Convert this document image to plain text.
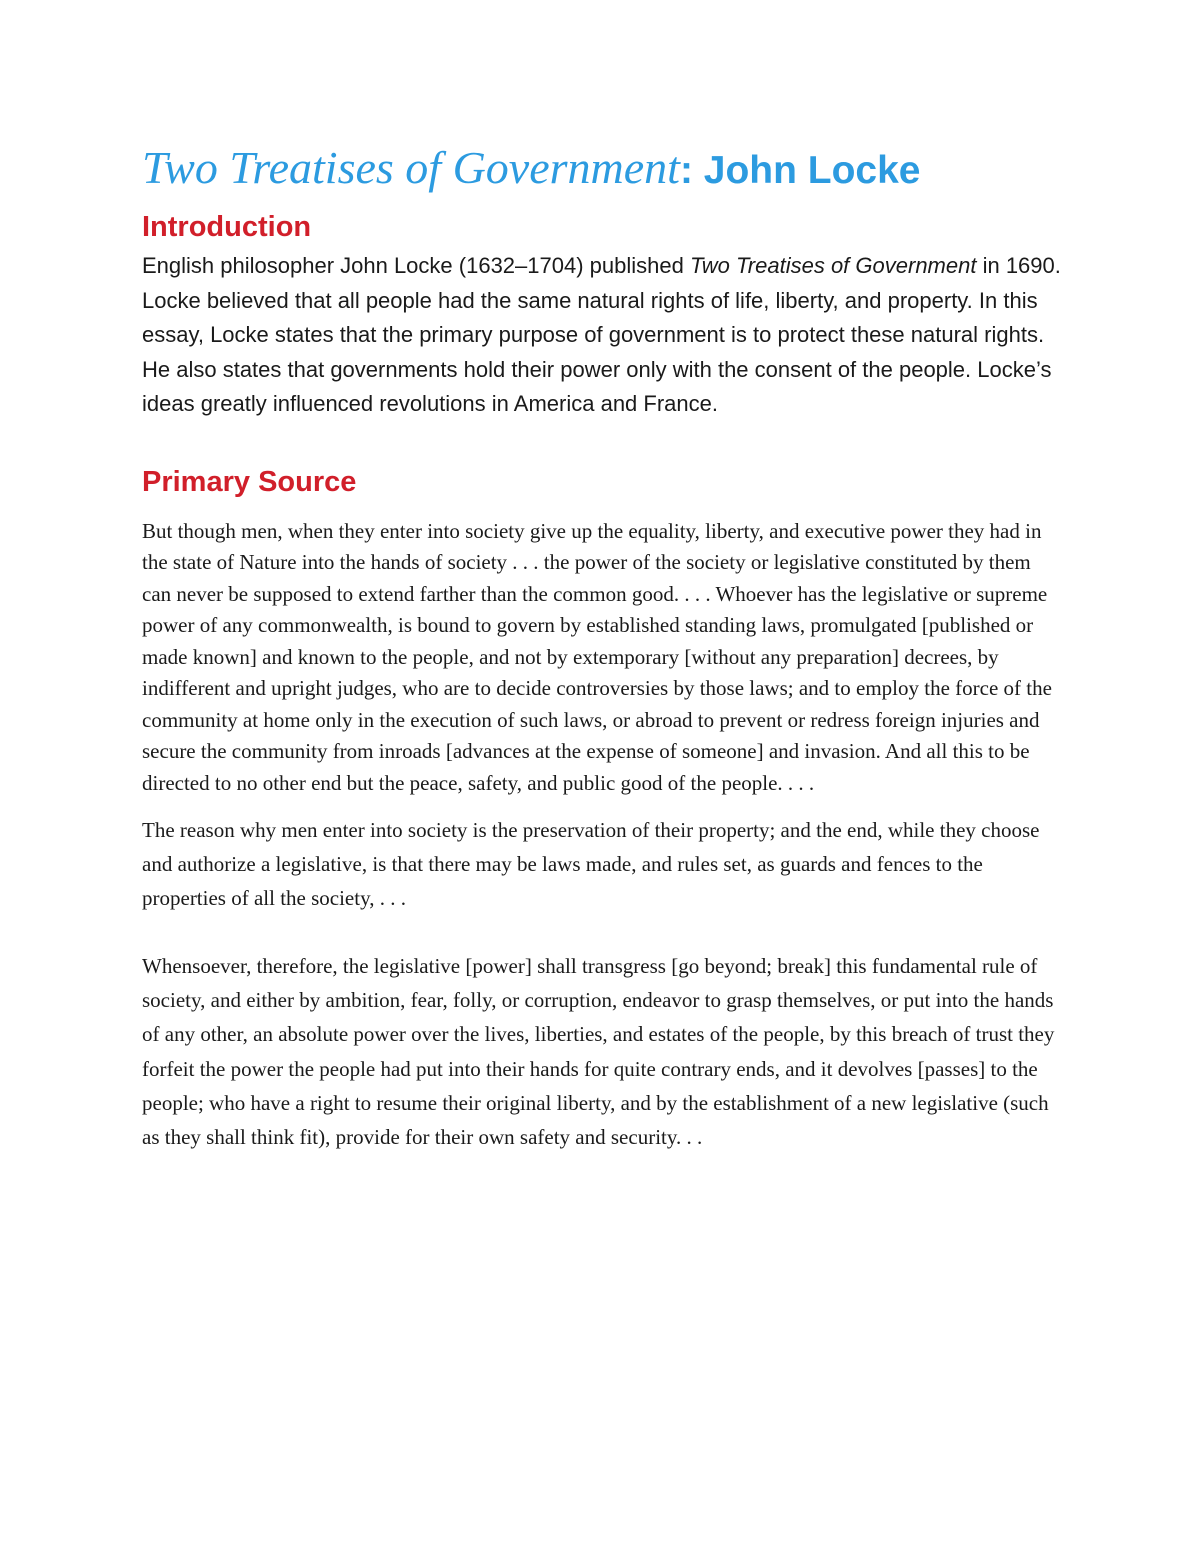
Two Treatises of Government: John Locke
Introduction

English philosopher John Locke (1632–1704) published Two Treatises of Government in 1690. Locke believed that all people had the same natural rights of life, liberty, and property. In this essay, Locke states that the primary purpose of government is to protect these natural rights. He also states that governments hold their power only with the consent of the people. Locke’s ideas greatly influenced revolutions in America and France.

Primary Source

But though men, when they enter into society give up the equality, liberty, and executive power they had in the state of Nature into the hands of society . . . the power of the society or legislative constituted by them can never be supposed to extend farther than the common good. . . . Whoever has the legislative or supreme power of any commonwealth, is bound to govern by established standing laws, promulgated [published or made known] and known to the people, and not by extemporary [without any preparation] decrees, by indifferent and upright judges, who are to decide controversies by those laws; and to employ the force of the community at home only in the execution of such laws, or abroad to prevent or redress foreign injuries and secure the community from inroads [advances at the expense of someone] and invasion. And all this to be directed to no other end but the peace, safety, and public good of the people. . . .

The reason why men enter into society is the preservation of their property; and the end, while they choose and authorize a legislative, is that there may be laws made, and rules set, as guards and fences to the properties of all the society, . . .

Whensoever, therefore, the legislative [power] shall transgress [go beyond; break] this fundamental rule of society, and either by ambition, fear, folly, or corruption, endeavor to grasp themselves, or put into the hands of any other, an absolute power over the lives, liberties, and estates of the people, by this breach of trust they forfeit the power the people had put into their hands for quite contrary ends, and it devolves [passes] to the people; who have a right to resume their original liberty, and by the establishment of a new legislative (such as they shall think fit), provide for their own safety and security. . .
